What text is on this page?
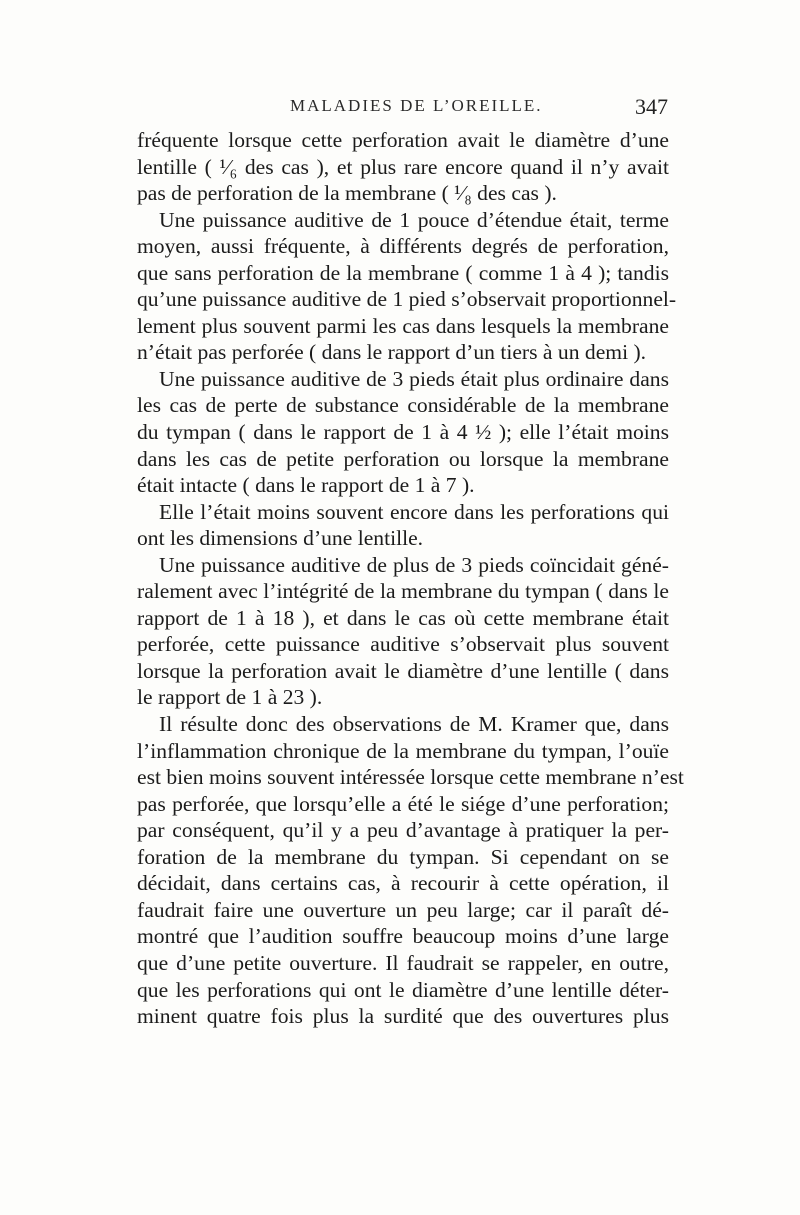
MALADIES DE L’OREILLE.	347
fréquente lorsque cette perforation avait le diamètre d’une
lentille ( ¹⁄₆ des cas ), et plus rare encore quand il n’y avait
pas de perforation de la membrane ( ¹⁄₈ des cas ).
Une puissance auditive de 1 pouce d’étendue était, terme
moyen, aussi fréquente, à différents degrés de perforation,
que sans perforation de la membrane ( comme 1 à 4 ); tandis
qu’une puissance auditive de 1 pied s’observait proportionnel-
lement plus souvent parmi les cas dans lesquels la membrane
n’était pas perforée ( dans le rapport d’un tiers à un demi ).
Une puissance auditive de 3 pieds était plus ordinaire dans
les cas de perte de substance considérable de la membrane
du tympan ( dans le rapport de 1 à 4 ½ ); elle l’était moins
dans les cas de petite perforation ou lorsque la membrane
était intacte ( dans le rapport de 1 à 7 ).
Elle l’était moins souvent encore dans les perforations qui
ont les dimensions d’une lentille.
Une puissance auditive de plus de 3 pieds coïncidait géné-
ralement avec l’intégrité de la membrane du tympan ( dans le
rapport de 1 à 18 ), et dans le cas où cette membrane était
perforée, cette puissance auditive s’observait plus souvent
lorsque la perforation avait le diamètre d’une lentille ( dans
le rapport de 1 à 23 ).
Il résulte donc des observations de M. Kramer que, dans
l’inflammation chronique de la membrane du tympan, l’ouïe
est bien moins souvent intéressée lorsque cette membrane n’est
pas perforée, que lorsqu’elle a été le siége d’une perforation;
par conséquent, qu’il y a peu d’avantage à pratiquer la per-
foration de la membrane du tympan. Si cependant on se
décidait, dans certains cas, à recourir à cette opération, il
faudrait faire une ouverture un peu large; car il paraît dé-
montré que l’audition souffre beaucoup moins d’une large
que d’une petite ouverture. Il faudrait se rappeler, en outre,
que les perforations qui ont le diamètre d’une lentille déter-
minent quatre fois plus la surdité que des ouvertures plus
